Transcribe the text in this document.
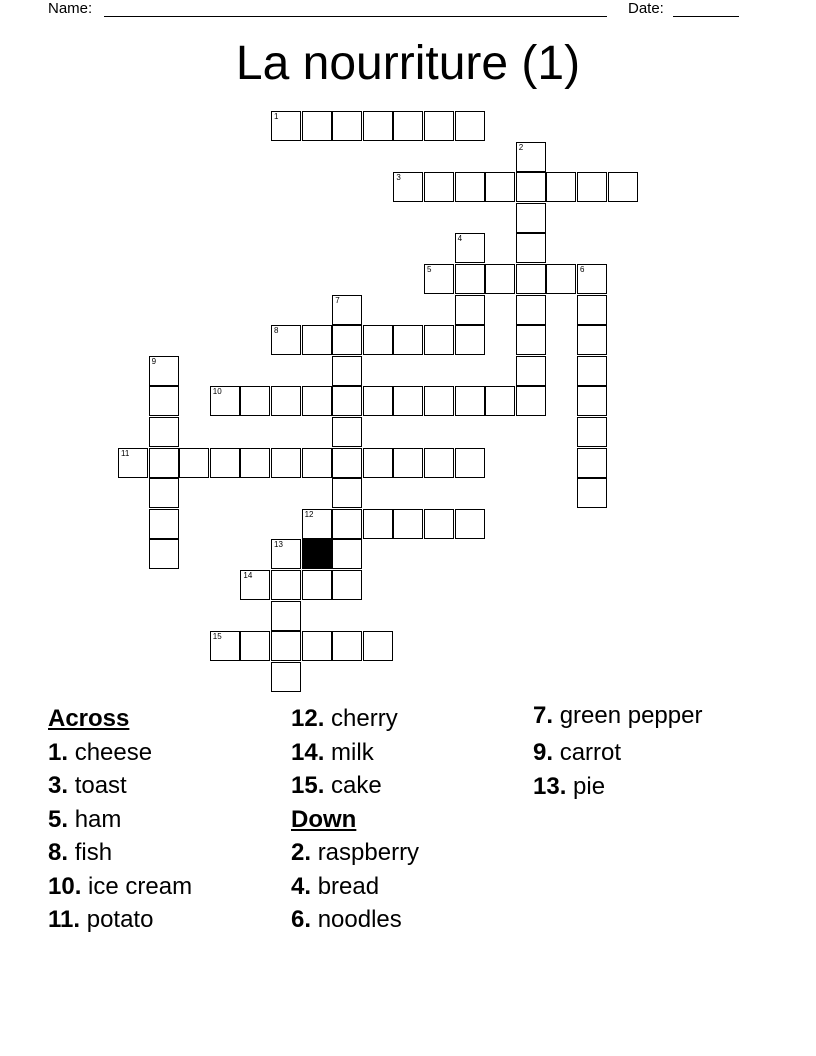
Name:	Date:
La nourriture (1)
1
2
3
4
5	6
7
8
9
10
11
12
13
14
15
Across
1. cheese
3. toast
5. ham
8. fish
10. ice cream
11. potato
12. cherry
14. milk
15. cake
Down
2. raspberry
4. bread
6. noodles
7. green pepper
9. carrot
13. pie
